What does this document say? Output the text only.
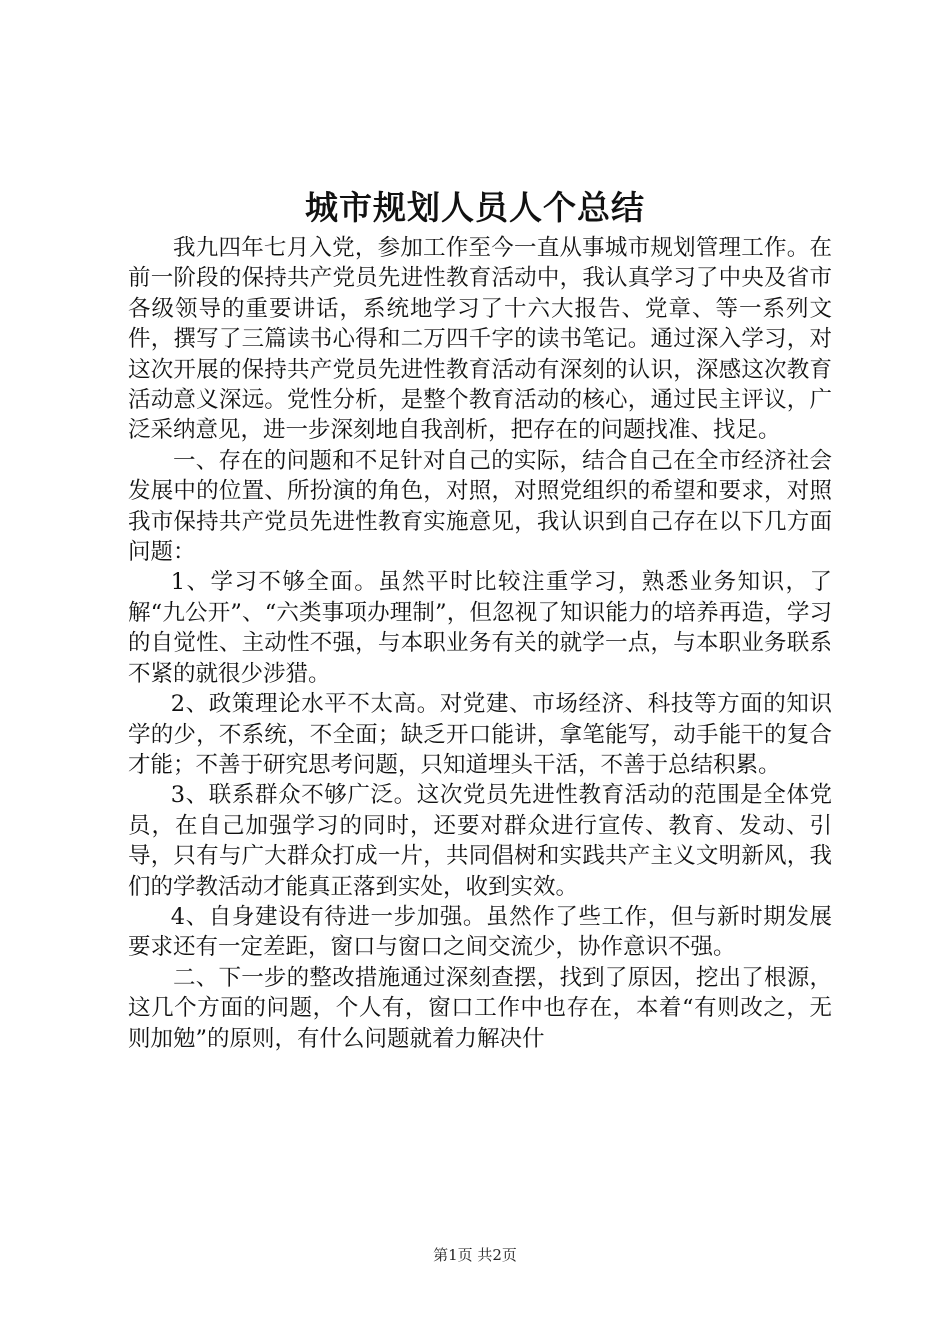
城市规划人员人个总结

我九四年七月入党，参加工作至今一直从事城市规划管理工作。在前一阶段的保持共产党员先进性教育活动中，我认真学习了中央及省市各级领导的重要讲话，系统地学习了十六大报告、党章、等一系列文件，撰写了三篇读书心得和二万四千字的读书笔记。通过深入学习，对这次开展的保持共产党员先进性教育活动有深刻的认识，深感这次教育活动意义深远。党性分析，是整个教育活动的核心，通过民主评议，广泛采纳意见，进一步深刻地自我剖析，把存在的问题找准、找足。

一、存在的问题和不足针对自己的实际，结合自己在全市经济社会发展中的位置、所扮演的角色，对照，对照党组织的希望和要求，对照我市保持共产党员先进性教育实施意见，我认识到自己存在以下几方面问题：

1、学习不够全面。虽然平时比较注重学习，熟悉业务知识，了解“九公开”、“六类事项办理制”，但忽视了知识能力的培养再造，学习的自觉性、主动性不强，与本职业务有关的就学一点，与本职业务联系不紧的就很少涉猎。

2、政策理论水平不太高。对党建、市场经济、科技等方面的知识学的少，不系统，不全面；缺乏开口能讲，拿笔能写，动手能干的复合才能；不善于研究思考问题，只知道埋头干活，不善于总结积累。

3、联系群众不够广泛。这次党员先进性教育活动的范围是全体党员，在自己加强学习的同时，还要对群众进行宣传、教育、发动、引导，只有与广大群众打成一片，共同倡树和实践共产主义文明新风，我们的学教活动才能真正落到实处，收到实效。

4、自身建设有待进一步加强。虽然作了些工作，但与新时期发展要求还有一定差距，窗口与窗口之间交流少，协作意识不强。

二、下一步的整改措施通过深刻查摆，找到了原因，挖出了根源，这几个方面的问题，个人有，窗口工作中也存在，本着“有则改之，无则加勉”的原则，有什么问题就着力解决什

第1页 共2页
